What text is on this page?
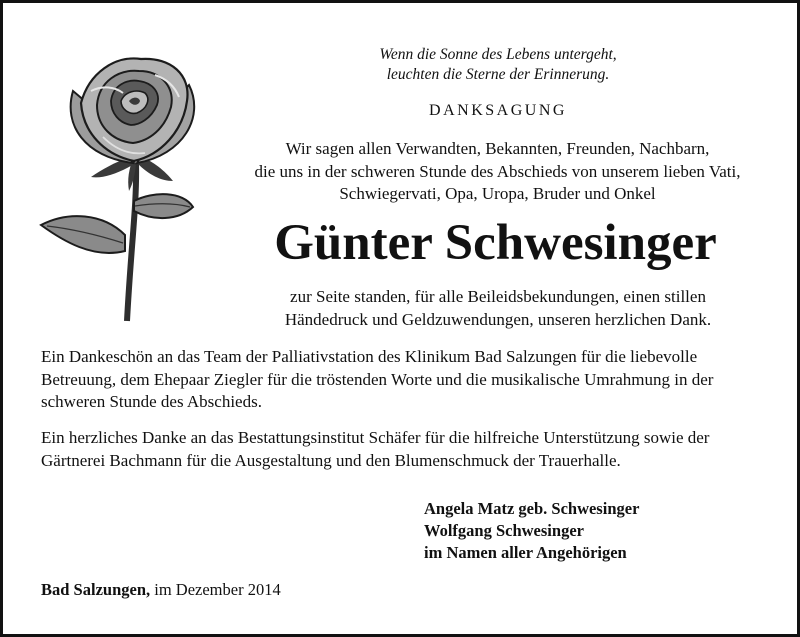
Wenn die Sonne des Lebens untergeht,
leuchten die Sterne der Erinnerung.
DANKSAGUNG
Wir sagen allen Verwandten, Bekannten, Freunden, Nachbarn,
die uns in der schweren Stunde des Abschieds von unserem lieben Vati,
Schwiegervati, Opa, Uropa, Bruder und Onkel
Günter Schwesinger
zur Seite standen, für alle Beileidsbekundungen, einen stillen
Händedruck und Geldzuwendungen, unseren herzlichen Dank.
Ein Dankeschön an das Team der Palliativstation des Klinikum Bad Salzungen für die liebevolle Betreuung, dem Ehepaar Ziegler für die tröstenden Worte und die musikalische Umrahmung in der schweren Stunde des Abschieds.
Ein herzliches Danke an das Bestattungsinstitut Schäfer für die hilfreiche Unterstützung sowie der Gärtnerei Bachmann für die Ausgestaltung und den Blumenschmuck der Trauerhalle.
Angela Matz geb. Schwesinger
Wolfgang Schwesinger
im Namen aller Angehörigen
Bad Salzungen, im Dezember 2014
